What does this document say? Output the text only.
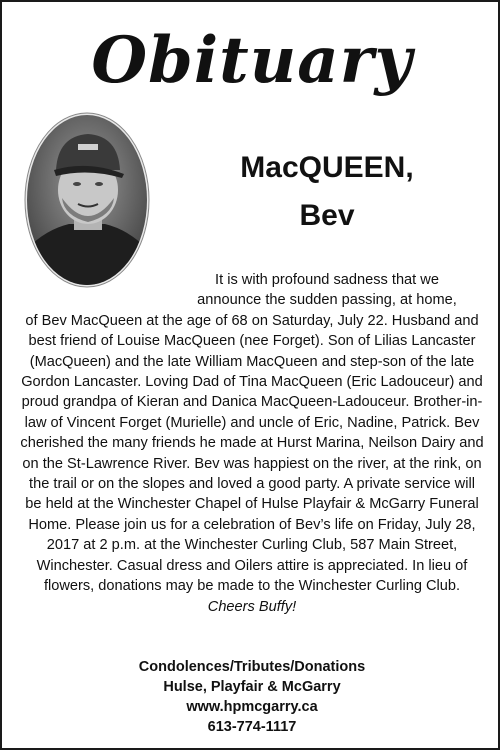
Obituary
MacQUEEN,
Bev
It is with profound sadness that we
announce the sudden passing, at home,
of Bev MacQueen at the age of 68 on Saturday, July 22. Husband and best friend of Louise MacQueen (nee Forget). Son of Lilias Lancaster (MacQueen) and the late William MacQueen and step-son of the late Gordon Lancaster. Loving Dad of Tina MacQueen (Eric Ladouceur) and proud grandpa of Kieran and Danica MacQueen-Ladouceur. Brother-in-law of Vincent Forget (Murielle) and uncle of Eric, Nadine, Patrick. Bev cherished the many friends he made at Hurst Marina, Neilson Dairy and on the St-Lawrence River. Bev was happiest on the river, at the rink, on the trail or on the slopes and loved a good party. A private service will be held at the Winchester Chapel of Hulse Playfair & McGarry Funeral Home. Please join us for a celebration of Bev’s life on Friday, July 28, 2017 at 2 p.m. at the Winchester Curling Club, 587 Main Street, Winchester. Casual dress and Oilers attire is appreciated. In lieu of flowers, donations may be made to the Winchester Curling Club.
Cheers Buffy!
Condolences/Tributes/Donations
Hulse, Playfair & McGarry
www.hpmcgarry.ca
613-774-1117
